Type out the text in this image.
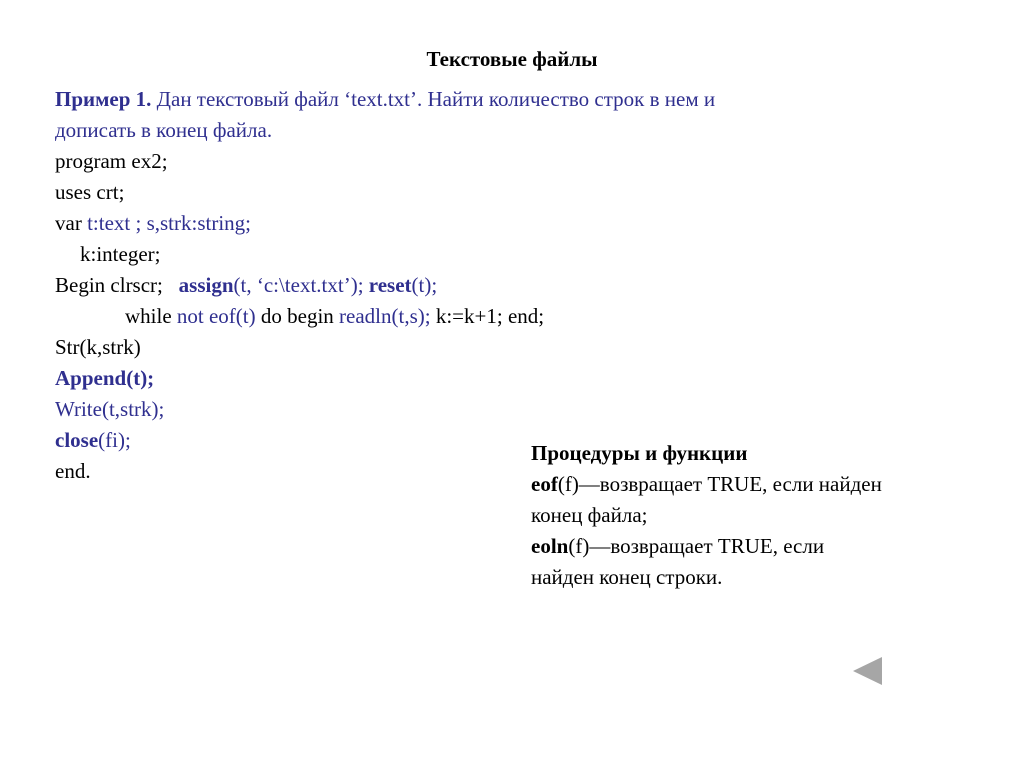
Текстовые файлы
Пример 1. Дан текстовый файл ‘text.txt’. Найти количество строк в нем и
дописать в конец файла.
program ex2;
uses crt;
var t:text ; s,strk:string;
k:integer;
Begin clrscr;   assign(t, ‘c:\text.txt’); reset(t);
while not eof(t) do begin readln(t,s); k:=k+1; end;
Str(k,strk)
Append(t);
Write(t,strk);
close(fi);
end.
Процедуры и функции
eof(f)—возвращает TRUE, если найден
конец файла;
eoln(f)—возвращает TRUE, если
найден конец строки.
